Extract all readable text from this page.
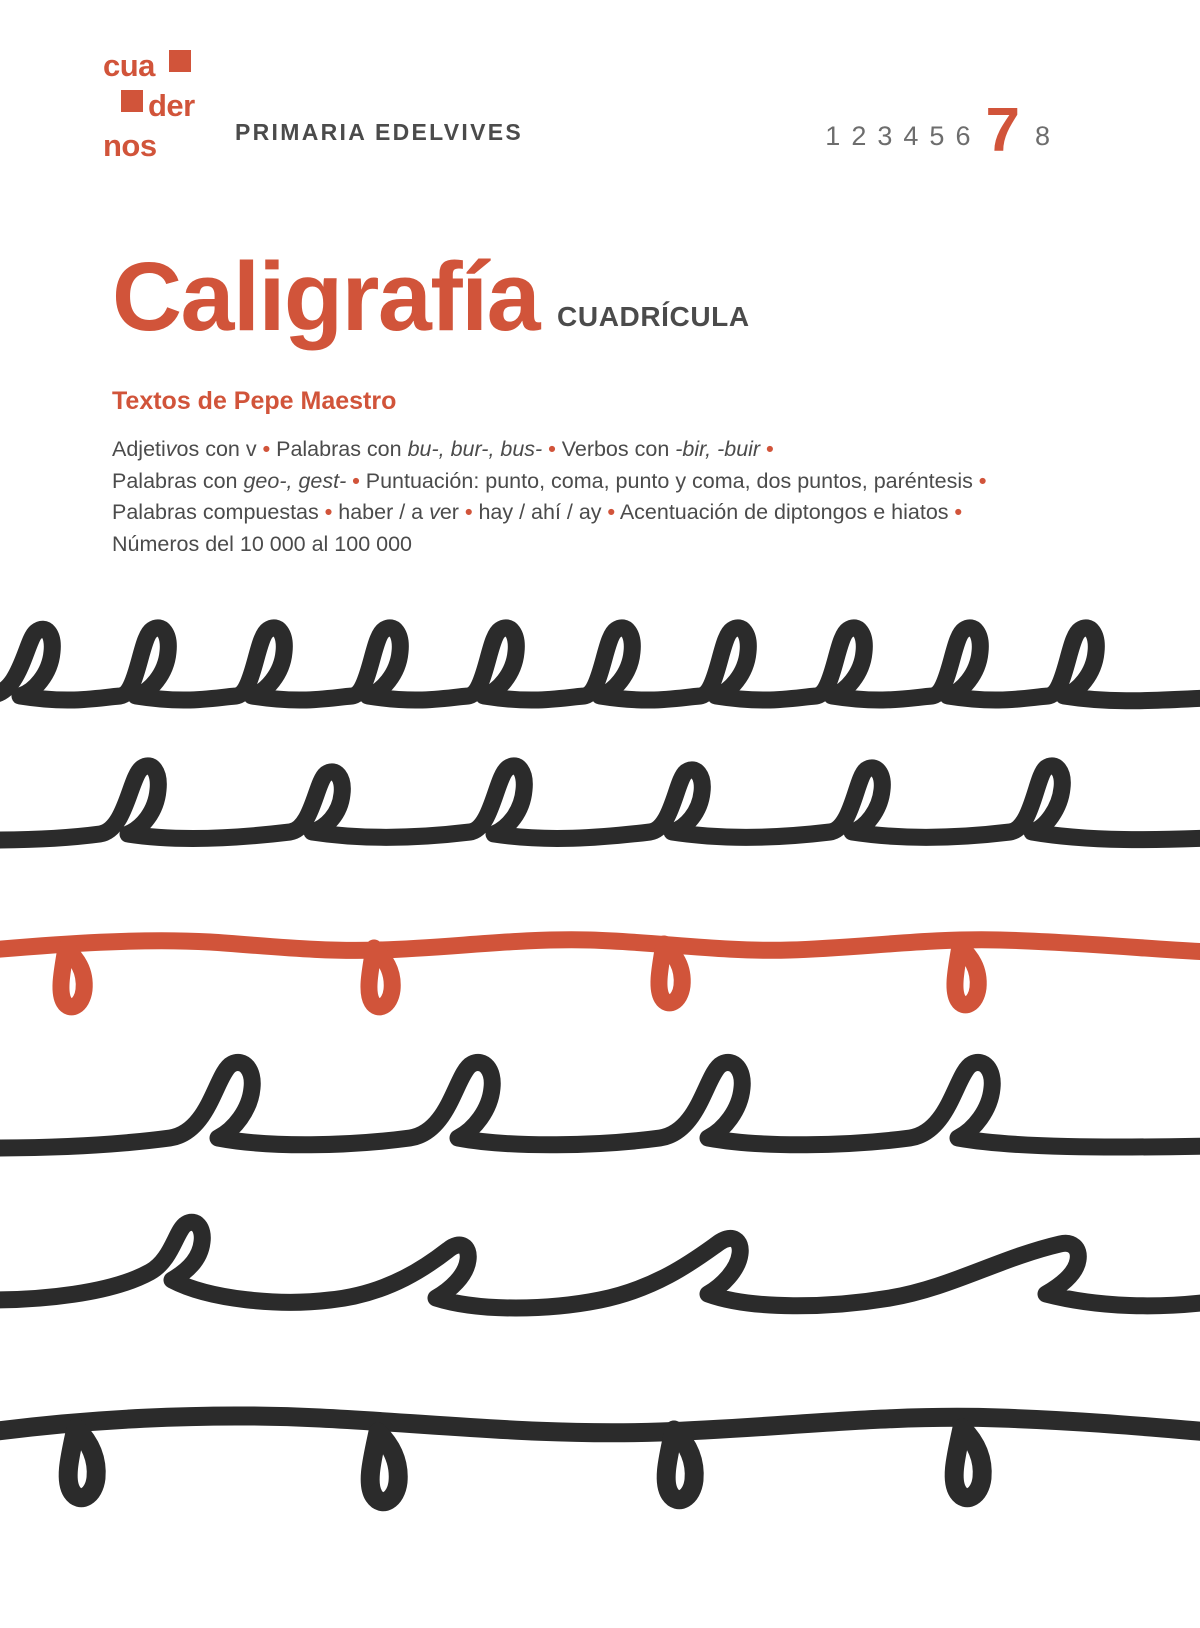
cua
der
nos	PRIMARIA EDELVIVES	1 2 3 4 5 6 7 8
Caligrafía CUADRÍCULA
Textos de Pepe Maestro
Adjetivos con v • Palabras con bu-, bur-, bus- • Verbos con -bir, -buir •
Palabras con geo-, gest- • Puntuación: punto, coma, punto y coma, dos puntos, paréntesis •
Palabras compuestas • haber / a ver • hay / ahí / ay • Acentuación de diptongos e hiatos •
Números del 10 000 al 100 000
